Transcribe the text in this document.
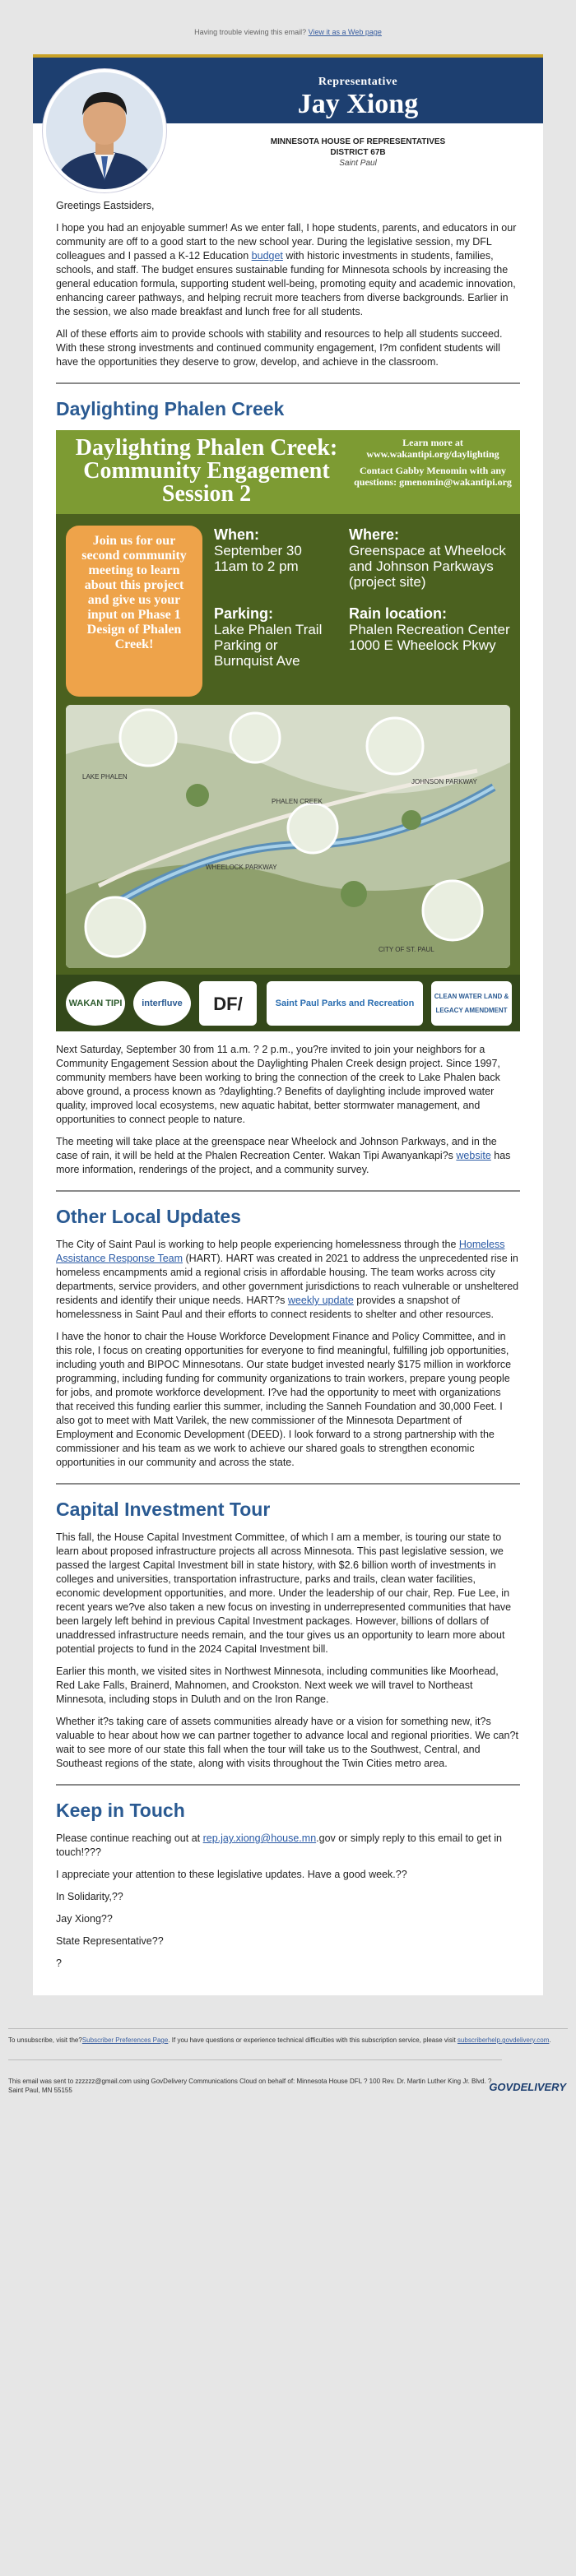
Having trouble viewing this email? View it as a Web page
Representative
Jay Xiong
MINNESOTA HOUSE OF REPRESENTATIVES
DISTRICT 67B
Saint Paul

Greetings Eastsiders,

I hope you had an enjoyable summer! As we enter fall, I hope students, parents, and educators in our community are off to a good start to the new school year. During the legislative session, my DFL colleagues and I passed a K-12 Education budget with historic investments in students, families, schools, and staff. The budget ensures sustainable funding for Minnesota schools by increasing the general education formula, supporting student well-being, promoting equity and academic innovation, enhancing career pathways, and helping recruit more teachers from diverse backgrounds. Earlier in the session, we also made breakfast and lunch free for all students.

All of these efforts aim to provide schools with stability and resources to help all students succeed. With these strong investments and continued community engagement, I?m confident students will have the opportunities they deserve to grow, develop, and achieve in the classroom.

Daylighting Phalen Creek
Daylighting Phalen Creek: Community Engagement Session 2
Learn more at www.wakantipi.org/daylighting
Contact Gabby Menomin with any questions: gmenomin@wakantipi.org
Join us for our second community meeting to learn about this project and give us your input on Phase 1 Design of Phalen Creek!
When:
September 30 11am to 2 pm
Where:
Greenspace at Wheelock and Johnson Parkways (project site)
Parking:
Lake Phalen Trail Parking or Burnquist Ave
Rain location:
Phalen Recreation Center 1000 E Wheelock Pkwy
LAKE PHALEN
WHEELOCK PARKWAY
JOHNSON PARKWAY
CITY OF ST. PAUL
PHALEN CREEK
WAKAN TIPI	interfluve	DF/	Saint Paul Parks and Recreation
CLEAN WATER LAND & LEGACY AMENDMENT

Next Saturday, September 30 from 11 a.m. ? 2 p.m., you?re invited to join your neighbors for a Community Engagement Session about the Daylighting Phalen Creek design project. Since 1997, community members have been working to bring the connection of the creek to Lake Phalen back above ground, a process known as ?daylighting.? Benefits of daylighting include improved water quality, improved local ecosystems, new aquatic habitat, better stormwater management, and opportunities to connect people to nature.

The meeting will take place at the greenspace near Wheelock and Johnson Parkways, and in the case of rain, it will be held at the Phalen Recreation Center. Wakan Tipi Awanyankapi?s website has more information, renderings of the project, and a community survey.

Other Local Updates

The City of Saint Paul is working to help people experiencing homelessness through the Homeless Assistance Response Team (HART). HART was created in 2021 to address the unprecedented rise in homeless encampments amid a regional crisis in affordable housing. The team works across city departments, service providers, and other government jurisdictions to reach vulnerable or unsheltered residents and identify their unique needs. HART?s weekly update provides a snapshot of homelessness in Saint Paul and their efforts to connect residents to shelter and other resources.

I have the honor to chair the House Workforce Development Finance and Policy Committee, and in this role, I focus on creating opportunities for everyone to find meaningful, fulfilling job opportunities, including youth and BIPOC Minnesotans. Our state budget invested nearly $175 million in workforce programming, including funding for community organizations to train workers, prepare young people for jobs, and promote workforce development. I?ve had the opportunity to meet with organizations that received this funding earlier this summer, including the Sanneh Foundation and 30,000 Feet. I also got to meet with Matt Varilek, the new commissioner of the Minnesota Department of Employment and Economic Development (DEED). I look forward to a strong partnership with the commissioner and his team as we work to achieve our shared goals to strengthen economic opportunities in our community and across the state.

Capital Investment Tour

This fall, the House Capital Investment Committee, of which I am a member, is touring our state to learn about proposed infrastructure projects all across Minnesota. This past legislative session, we passed the largest Capital Investment bill in state history, with $2.6 billion worth of investments in colleges and universities, transportation infrastructure, parks and trails, clean water facilities, economic development opportunities, and more. Under the leadership of our chair, Rep. Fue Lee, in recent years we?ve also taken a new focus on investing in underrepresented communities that have been largely left behind in previous Capital Investment packages. However, billions of dollars of unaddressed infrastructure needs remain, and the tour gives us an opportunity to learn more about potential projects to fund in the 2024 Capital Investment bill.

Earlier this month, we visited sites in Northwest Minnesota, including communities like Moorhead, Red Lake Falls, Brainerd, Mahnomen, and Crookston. Next week we will travel to Northeast Minnesota, including stops in Duluth and on the Iron Range.

Whether it?s taking care of assets communities already have or a vision for something new, it?s valuable to hear about how we can partner together to advance local and regional priorities. We can?t wait to see more of our state this fall when the tour will take us to the Southwest, Central, and Southeast regions of the state, along with visits throughout the Twin Cities metro area.

Keep in Touch

Please continue reaching out at rep.jay.xiong@house.mn.gov or simply reply to this email to get in touch!???

I appreciate your attention to these legislative updates. Have a good week.??

In Solidarity,??

Jay Xiong??

State Representative??

?

To unsubscribe, visit the?Subscriber Preferences Page. If you have questions or experience technical difficulties with this subscription service, please visit subscriberhelp.govdelivery.com.
This email was sent to zzzzzz@gmail.com using GovDelivery Communications Cloud on behalf of: Minnesota House DFL ? 100 Rev. Dr. Martin Luther King Jr. Blvd. ? Saint Paul, MN 55155	GOVDELIVERY
